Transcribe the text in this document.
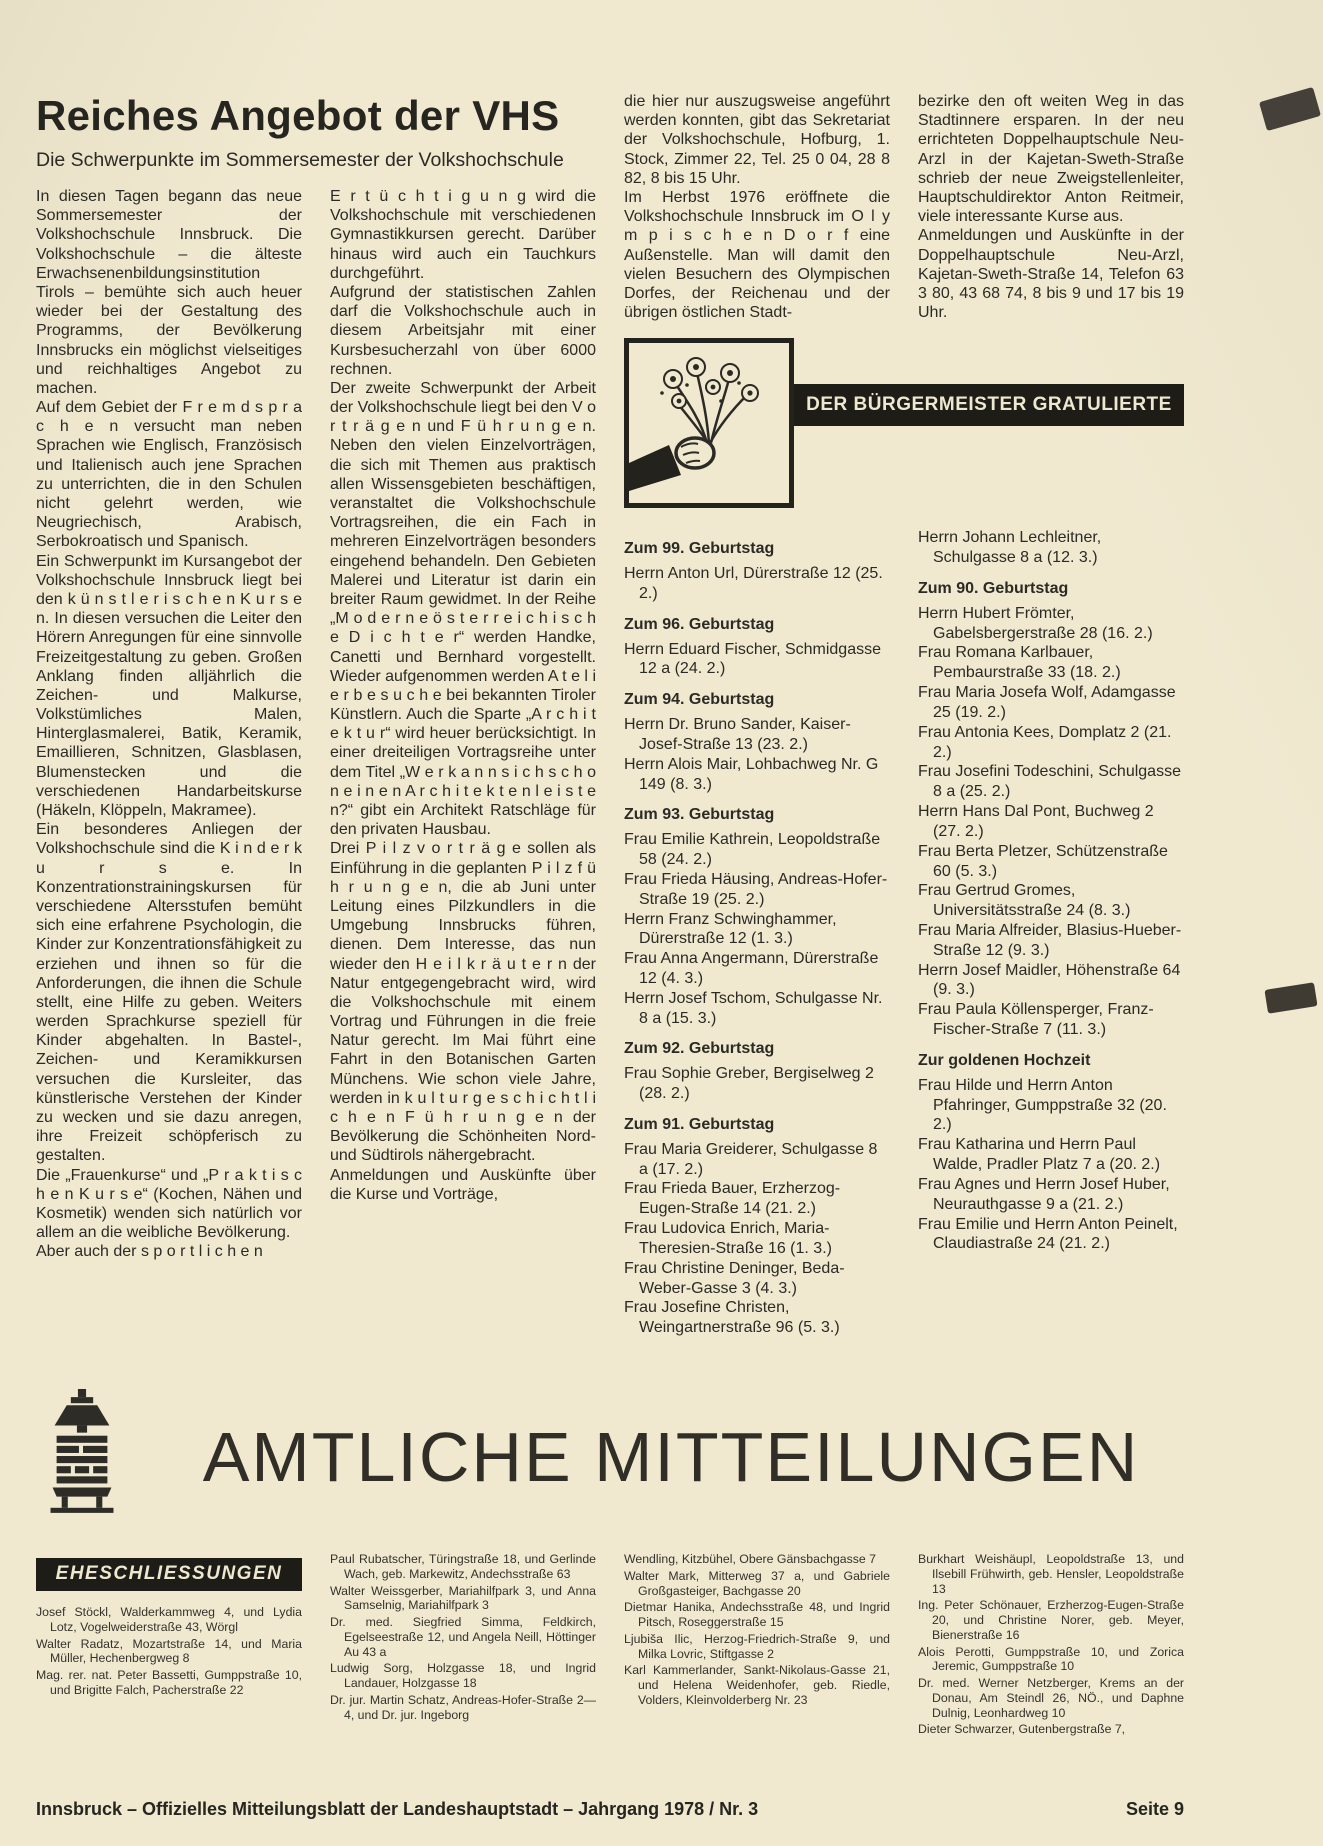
Reiches Angebot der VHS
Die Schwerpunkte im Sommersemester der Volkshochschule

In diesen Tagen begann das neue Sommersemester der Volkshochschule Innsbruck. Die Volkshochschule – die älteste Erwachsenenbildungsinstitution Tirols – bemühte sich auch heuer wieder bei der Gestaltung des Programms, der Bevölkerung Innsbrucks ein möglichst vielseitiges und reichhaltiges Angebot zu machen.

Auf dem Gebiet der F r e m d s p r a c h e n versucht man neben Sprachen wie Englisch, Französisch und Italienisch auch jene Sprachen zu unterrichten, die in den Schulen nicht gelehrt werden, wie Neugriechisch, Arabisch, Serbokroatisch und Spanisch.

Ein Schwerpunkt im Kursangebot der Volkshochschule Innsbruck liegt bei den k ü n s t l e r i s c h e n K u r s e n. In diesen versuchen die Leiter den Hörern Anregungen für eine sinnvolle Freizeitgestaltung zu geben. Großen Anklang finden alljährlich die Zeichen- und Malkurse, Volkstümliches Malen, Hinterglasmalerei, Batik, Keramik, Emaillieren, Schnitzen, Glasblasen, Blumenstecken und die verschiedenen Handarbeitskurse (Häkeln, Klöppeln, Makramee).

Ein besonderes Anliegen der Volkshochschule sind die K i n d e r k u r s e. In Konzentrationstrainingskursen für verschiedene Altersstufen bemüht sich eine erfahrene Psychologin, die Kinder zur Konzentrationsfähigkeit zu erziehen und ihnen so für die Anforderungen, die ihnen die Schule stellt, eine Hilfe zu geben. Weiters werden Sprachkurse speziell für Kinder abgehalten. In Bastel-, Zeichen- und Keramikkursen versuchen die Kursleiter, das künstlerische Verstehen der Kinder zu wecken und sie dazu anregen, ihre Freizeit schöpferisch zu gestalten.

Die „Frauenkurse“ und „P r a k t i s c h e n K u r s e“ (Kochen, Nähen und Kosmetik) wenden sich natürlich vor allem an die weibliche Bevölkerung.

Aber auch der s p o r t l i c h e n

E r t ü c h t i g u n g wird die Volkshochschule mit verschiedenen Gymnastikkursen gerecht. Darüber hinaus wird auch ein Tauchkurs durchgeführt.

Aufgrund der statistischen Zahlen darf die Volkshochschule auch in diesem Arbeitsjahr mit einer Kursbesucherzahl von über 6000 rechnen.

Der zweite Schwerpunkt der Arbeit der Volkshochschule liegt bei den V o r t r ä g e n und F ü h r u n g e n. Neben den vielen Einzelvorträgen, die sich mit Themen aus praktisch allen Wissensgebieten beschäftigen, veranstaltet die Volkshochschule Vortragsreihen, die ein Fach in mehreren Einzelvorträgen besonders eingehend behandeln. Den Gebieten Malerei und Literatur ist darin ein breiter Raum gewidmet. In der Reihe „M o d e r n e ö s t e r r e i c h i s c h e D i c h t e r“ werden Handke, Canetti und Bernhard vorgestellt. Wieder aufgenommen werden A t e l i e r b e s u c h e bei bekannten Tiroler Künstlern. Auch die Sparte „A r c h i t e k t u r“ wird heuer berücksichtigt. In einer dreiteiligen Vortragsreihe unter dem Titel „W e r k a n n s i c h s c h o n e i n e n A r c h i t e k t e n l e i s t e n?“ gibt ein Architekt Ratschläge für den privaten Hausbau.

Drei P i l z v o r t r ä g e sollen als Einführung in die geplanten P i l z f ü h r u n g e n, die ab Juni unter Leitung eines Pilzkundlers in die Umgebung Innsbrucks führen, dienen. Dem Interesse, das nun wieder den H e i l k r ä u t e r n der Natur entgegengebracht wird, wird die Volkshochschule mit einem Vortrag und Führungen in die freie Natur gerecht. Im Mai führt eine Fahrt in den Botanischen Garten Münchens. Wie schon viele Jahre, werden in k u l t u r g e s c h i c h t l i c h e n F ü h r u n g e n der Bevölkerung die Schönheiten Nord- und Südtirols nähergebracht.

Anmeldungen und Auskünfte über die Kurse und Vorträge,

die hier nur auszugsweise angeführt werden konnten, gibt das Sekretariat der Volkshochschule, Hofburg, 1. Stock, Zimmer 22, Tel. 25 0 04, 28 8 82, 8 bis 15 Uhr.

Im Herbst 1976 eröffnete die Volkshochschule Innsbruck im O l y m p i s c h e n D o r f eine Außenstelle. Man will damit den vielen Besuchern des Olympischen Dorfes, der Reichenau und der übrigen östlichen Stadt-

bezirke den oft weiten Weg in das Stadtinnere ersparen. In der neu errichteten Doppelhauptschule Neu-Arzl in der Kajetan-Sweth-Straße schrieb der neue Zweigstellenleiter, Hauptschuldirektor Anton Reitmeir, viele interessante Kurse aus.

Anmeldungen und Auskünfte in der Doppelhauptschule Neu-Arzl, Kajetan-Sweth-Straße 14, Telefon 63 3 80, 43 68 74, 8 bis 9 und 17 bis 19 Uhr.

DER BÜRGERMEISTER GRATULIERTE
Zum 99. Geburtstag
Herrn Anton Url, Dürerstraße 12 (25. 2.)
Zum 96. Geburtstag
Herrn Eduard Fischer, Schmidgasse 12 a (24. 2.)
Zum 94. Geburtstag
Herrn Dr. Bruno Sander, Kaiser-Josef-Straße 13 (23. 2.)
Herrn Alois Mair, Lohbachweg Nr. G 149 (8. 3.)
Zum 93. Geburtstag
Frau Emilie Kathrein, Leopoldstraße 58 (24. 2.)
Frau Frieda Häusing, Andreas-Hofer-Straße 19 (25. 2.)
Herrn Franz Schwinghammer, Dürerstraße 12 (1. 3.)
Frau Anna Angermann, Dürerstraße 12 (4. 3.)
Herrn Josef Tschom, Schulgasse Nr. 8 a (15. 3.)
Zum 92. Geburtstag
Frau Sophie Greber, Bergiselweg 2 (28. 2.)
Zum 91. Geburtstag
Frau Maria Greiderer, Schulgasse 8 a (17. 2.)
Frau Frieda Bauer, Erzherzog-Eugen-Straße 14 (21. 2.)
Frau Ludovica Enrich, Maria-Theresien-Straße 16 (1. 3.)
Frau Christine Deninger, Beda-Weber-Gasse 3 (4. 3.)
Frau Josefine Christen, Weingartnerstraße 96 (5. 3.)
Herrn Johann Lechleitner, Schulgasse 8 a (12. 3.)
Zum 90. Geburtstag
Herrn Hubert Frömter, Gabelsbergerstraße 28 (16. 2.)
Frau Romana Karlbauer, Pembaurstraße 33 (18. 2.)
Frau Maria Josefa Wolf, Adamgasse 25 (19. 2.)
Frau Antonia Kees, Domplatz 2 (21. 2.)
Frau Josefini Todeschini, Schulgasse 8 a (25. 2.)
Herrn Hans Dal Pont, Buchweg 2 (27. 2.)
Frau Berta Pletzer, Schützenstraße 60 (5. 3.)
Frau Gertrud Gromes, Universitätsstraße 24 (8. 3.)
Frau Maria Alfreider, Blasius-Hueber-Straße 12 (9. 3.)
Herrn Josef Maidler, Höhenstraße 64 (9. 3.)
Frau Paula Köllensperger, Franz-Fischer-Straße 7 (11. 3.)
Zur goldenen Hochzeit
Frau Hilde und Herrn Anton Pfahringer, Gumppstraße 32 (20. 2.)
Frau Katharina und Herrn Paul Walde, Pradler Platz 7 a (20. 2.)
Frau Agnes und Herrn Josef Huber, Neurauthgasse 9 a (21. 2.)
Frau Emilie und Herrn Anton Peinelt, Claudiastraße 24 (21. 2.)
AMTLICHE MITTEILUNGEN
EHESCHLIESSUNGEN
Josef Stöckl, Walderkammweg 4, und Lydia Lotz, Vogelweiderstraße 43, Wörgl
Walter Radatz, Mozartstraße 14, und Maria Müller, Hechenbergweg 8
Mag. rer. nat. Peter Bassetti, Gumppstraße 10, und Brigitte Falch, Pacherstraße 22
Paul Rubatscher, Türingstraße 18, und Gerlinde Wach, geb. Markewitz, Andechsstraße 63
Walter Weissgerber, Mariahilfpark 3, und Anna Samselnig, Mariahilfpark 3
Dr. med. Siegfried Simma, Feldkirch, Egelseestraße 12, und Angela Neill, Höttinger Au 43 a
Ludwig Sorg, Holzgasse 18, und Ingrid Landauer, Holzgasse 18
Dr. jur. Martin Schatz, Andreas-Hofer-Straße 2—4, und Dr. jur. Ingeborg
Wendling, Kitzbühel, Obere Gänsbachgasse 7
Walter Mark, Mitterweg 37 a, und Gabriele Großgasteiger, Bachgasse 20
Dietmar Hanika, Andechsstraße 48, und Ingrid Pitsch, Roseggerstraße 15
Ljubiša Ilic, Herzog-Friedrich-Straße 9, und Milka Lovric, Stiftgasse 2
Karl Kammerlander, Sankt-Nikolaus-Gasse 21, und Helena Weidenhofer, geb. Riedle, Volders, Kleinvolderberg Nr. 23
Burkhart Weishäupl, Leopoldstraße 13, und Ilsebill Frühwirth, geb. Hensler, Leopoldstraße 13
Ing. Peter Schönauer, Erzherzog-Eugen-Straße 20, und Christine Norer, geb. Meyer, Bienerstraße 16
Alois Perotti, Gumppstraße 10, und Zorica Jeremic, Gumppstraße 10
Dr. med. Werner Netzberger, Krems an der Donau, Am Steindl 26, NÖ., und Daphne Dulnig, Leonhardweg 10
Dieter Schwarzer, Gutenbergstraße 7,
Innsbruck – Offizielles Mitteilungsblatt der Landeshauptstadt – Jahrgang 1978 / Nr. 3	Seite 9
